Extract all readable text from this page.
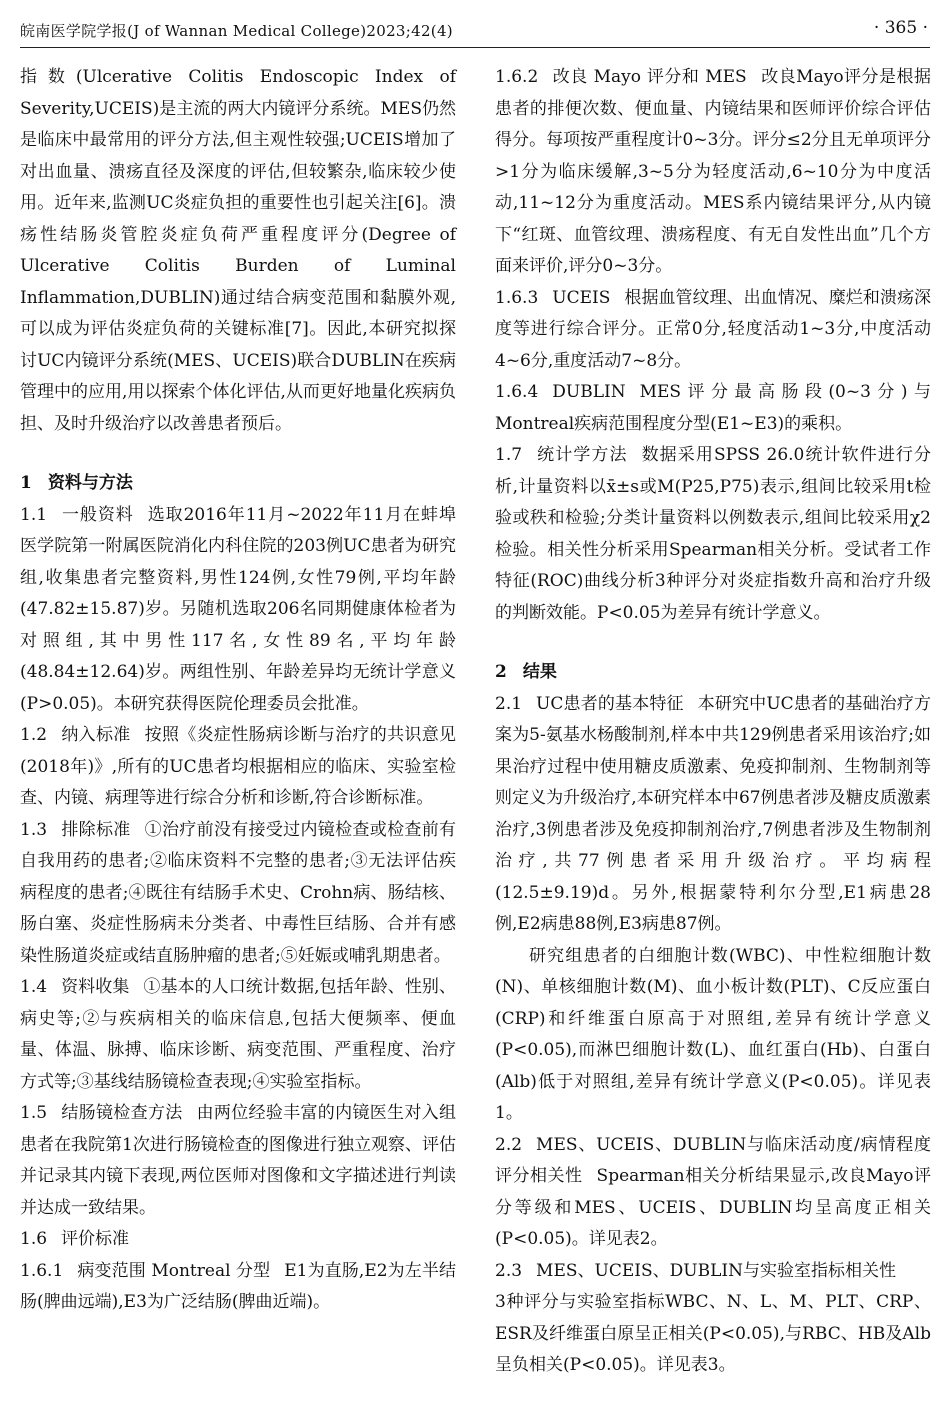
皖南医学院学报(J of Wannan Medical College)2023;42(4)	· 365 ·

指数(Ulcerative Colitis Endoscopic Index of Severity,UCEIS)是主流的两大内镜评分系统。MES仍然是临床中最常用的评分方法,但主观性较强;UCEIS增加了对出血量、溃疡直径及深度的评估,但较繁杂,临床较少使用。近年来,监测UC炎症负担的重要性也引起关注[6]。溃疡性结肠炎管腔炎症负荷严重程度评分(Degree of Ulcerative Colitis Burden of Luminal Inflammation,DUBLIN)通过结合病变范围和黏膜外观,可以成为评估炎症负荷的关键标准[7]。因此,本研究拟探讨UC内镜评分系统(MES、UCEIS)联合DUBLIN在疾病管理中的应用,用以探索个体化评估,从而更好地量化疾病负担、及时升级治疗以改善患者预后。

1 资料与方法

1.1 一般资料 选取2016年11月~2022年11月在蚌埠医学院第一附属医院消化内科住院的203例UC患者为研究组,收集患者完整资料,男性124例,女性79例,平均年龄(47.82±15.87)岁。另随机选取206名同期健康体检者为对照组,其中男性117名,女性89名,平均年龄(48.84±12.64)岁。两组性别、年龄差异均无统计学意义(P>0.05)。本研究获得医院伦理委员会批准。

1.2 纳入标准 按照《炎症性肠病诊断与治疗的共识意见(2018年)》,所有的UC患者均根据相应的临床、实验室检查、内镜、病理等进行综合分析和诊断,符合诊断标准。

1.3 排除标准 ①治疗前没有接受过内镜检查或检查前有自我用药的患者;②临床资料不完整的患者;③无法评估疾病程度的患者;④既往有结肠手术史、Crohn病、肠结核、肠白塞、炎症性肠病未分类者、中毒性巨结肠、合并有感染性肠道炎症或结直肠肿瘤的患者;⑤妊娠或哺乳期患者。

1.4 资料收集 ①基本的人口统计数据,包括年龄、性别、病史等;②与疾病相关的临床信息,包括大便频率、便血量、体温、脉搏、临床诊断、病变范围、严重程度、治疗方式等;③基线结肠镜检查表现;④实验室指标。

1.5 结肠镜检查方法 由两位经验丰富的内镜医生对入组患者在我院第1次进行肠镜检查的图像进行独立观察、评估并记录其内镜下表现,两位医师对图像和文字描述进行判读并达成一致结果。

1.6 评价标准

1.6.1 病变范围 Montreal 分型 E1为直肠,E2为左半结肠(脾曲远端),E3为广泛结肠(脾曲近端)。

1.6.2 改良 Mayo 评分和 MES 改良Mayo评分是根据患者的排便次数、便血量、内镜结果和医师评价综合评估得分。每项按严重程度计0~3分。评分≤2分且无单项评分>1分为临床缓解,3~5分为轻度活动,6~10分为中度活动,11~12分为重度活动。MES系内镜结果评分,从内镜下“红斑、血管纹理、溃疡程度、有无自发性出血”几个方面来评价,评分0~3分。

1.6.3 UCEIS 根据血管纹理、出血情况、糜烂和溃疡深度等进行综合评分。正常0分,轻度活动1~3分,中度活动4~6分,重度活动7~8分。

1.6.4 DUBLIN MES评分最高肠段(0~3分)与Montreal疾病范围程度分型(E1~E3)的乘积。

1.7 统计学方法 数据采用SPSS 26.0统计软件进行分析,计量资料以x̄±s或M(P25,P75)表示,组间比较采用t检验或秩和检验;分类计量资料以例数表示,组间比较采用χ2检验。相关性分析采用Spearman相关分析。受试者工作特征(ROC)曲线分析3种评分对炎症指数升高和治疗升级的判断效能。P<0.05为差异有统计学意义。

2 结果

2.1 UC患者的基本特征 本研究中UC患者的基础治疗方案为5-氨基水杨酸制剂,样本中共129例患者采用该治疗;如果治疗过程中使用糖皮质激素、免疫抑制剂、生物制剂等则定义为升级治疗,本研究样本中67例患者涉及糖皮质激素治疗,3例患者涉及免疫抑制剂治疗,7例患者涉及生物制剂治疗,共77例患者采用升级治疗。平均病程(12.5±9.19)d。另外,根据蒙特利尔分型,E1病患28例,E2病患88例,E3病患87例。

研究组患者的白细胞计数(WBC)、中性粒细胞计数(N)、单核细胞计数(M)、血小板计数(PLT)、C反应蛋白(CRP)和纤维蛋白原高于对照组,差异有统计学意义(P<0.05),而淋巴细胞计数(L)、血红蛋白(Hb)、白蛋白(Alb)低于对照组,差异有统计学意义(P<0.05)。详见表1。

2.2 MES、UCEIS、DUBLIN与临床活动度/病情程度评分相关性 Spearman相关分析结果显示,改良Mayo评分等级和MES、UCEIS、DUBLIN均呈高度正相关(P<0.05)。详见表2。

2.3 MES、UCEIS、DUBLIN与实验室指标相关性

3种评分与实验室指标WBC、N、L、M、PLT、CRP、ESR及纤维蛋白原呈正相关(P<0.05),与RBC、HB及Alb呈负相关(P<0.05)。详见表3。
